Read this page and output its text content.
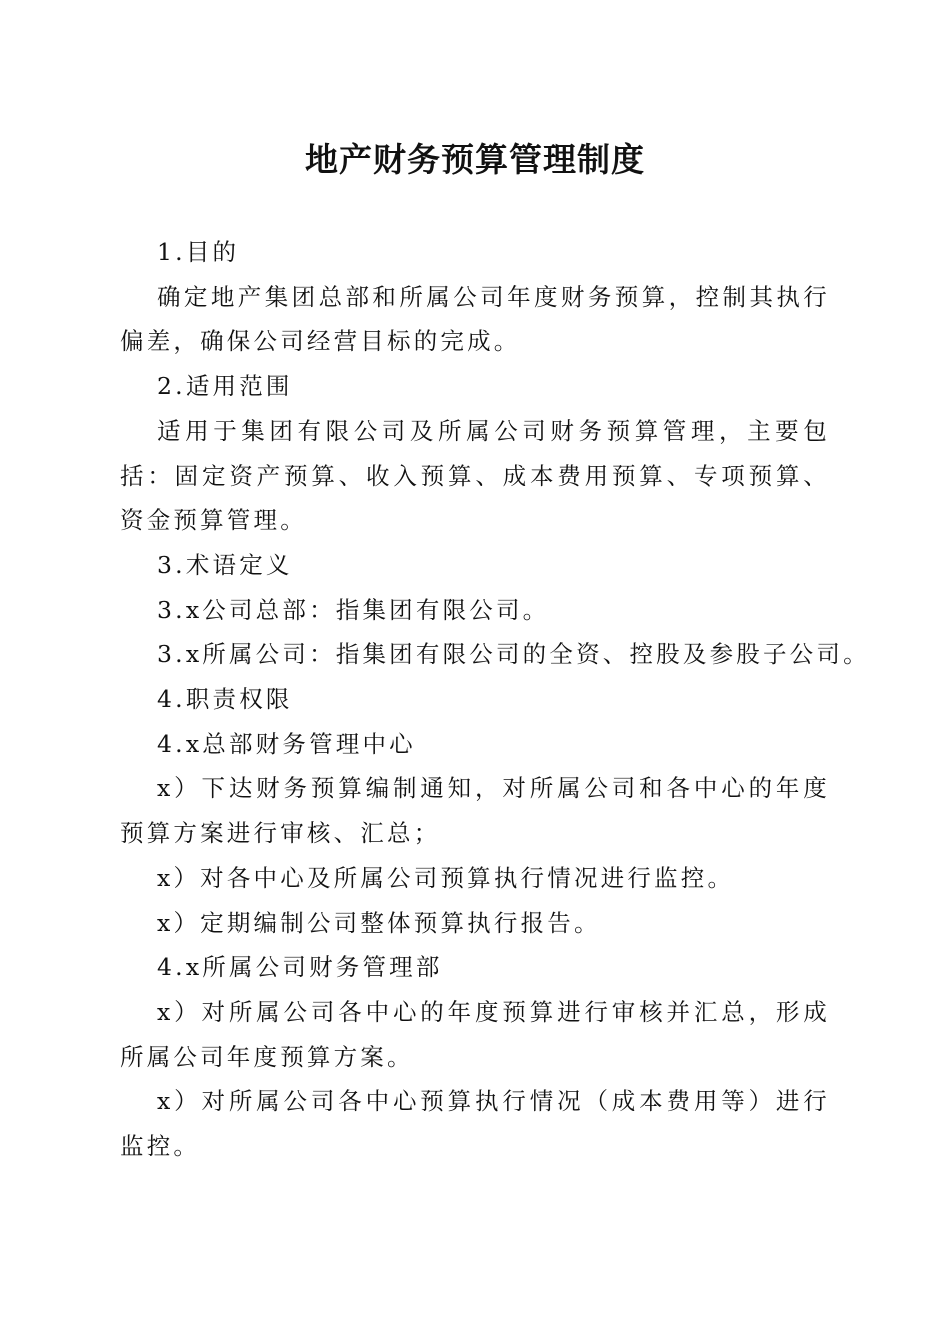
地产财务预算管理制度

1.目的

确定地产集团总部和所属公司年度财务预算，控制其执行偏差，确保公司经营目标的完成。

2.适用范围

适用于集团有限公司及所属公司财务预算管理，主要包括：固定资产预算、收入预算、成本费用预算、专项预算、资金预算管理。

3.术语定义

3.x公司总部：指集团有限公司。

3.x所属公司：指集团有限公司的全资、控股及参股子公司。

4.职责权限

4.x总部财务管理中心

x）下达财务预算编制通知，对所属公司和各中心的年度预算方案进行审核、汇总；

x）对各中心及所属公司预算执行情况进行监控。

x）定期编制公司整体预算执行报告。

4.x所属公司财务管理部

x）对所属公司各中心的年度预算进行审核并汇总，形成所属公司年度预算方案。

x）对所属公司各中心预算执行情况（成本费用等）进行监控。
